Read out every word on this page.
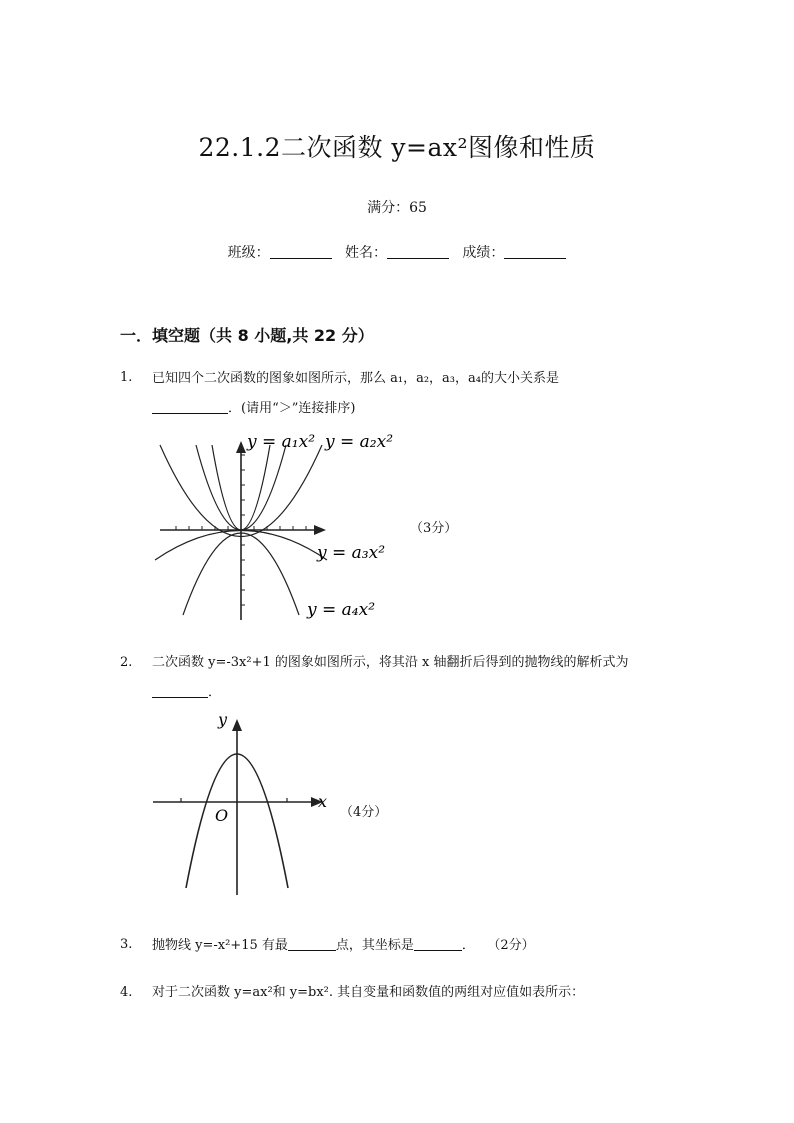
22.1.2二次函数 y=ax²图像和性质
满分：65
班级：	姓名：	成绩：
一．填空题（共 8 小题,共 22 分）
1. 已知四个二次函数的图象如图所示，那么 a₁，a₂，a₃，a₄的大小关系是
．(请用“＞”连接排序)
y = a₁x² y = a₂x²
y = a₃x²
y = a₄x²
（3分）
2. 二次函数 y=-3x²+1 的图象如图所示，将其沿 x 轴翻折后得到的抛物线的解析式为
．
y
x
O	（4分）
3. 抛物线 y=-x²+15 有最	点，其坐标是	． （2分）
4. 对于二次函数 y=ax²和 y=bx². 其自变量和函数值的两组对应值如表所示：
